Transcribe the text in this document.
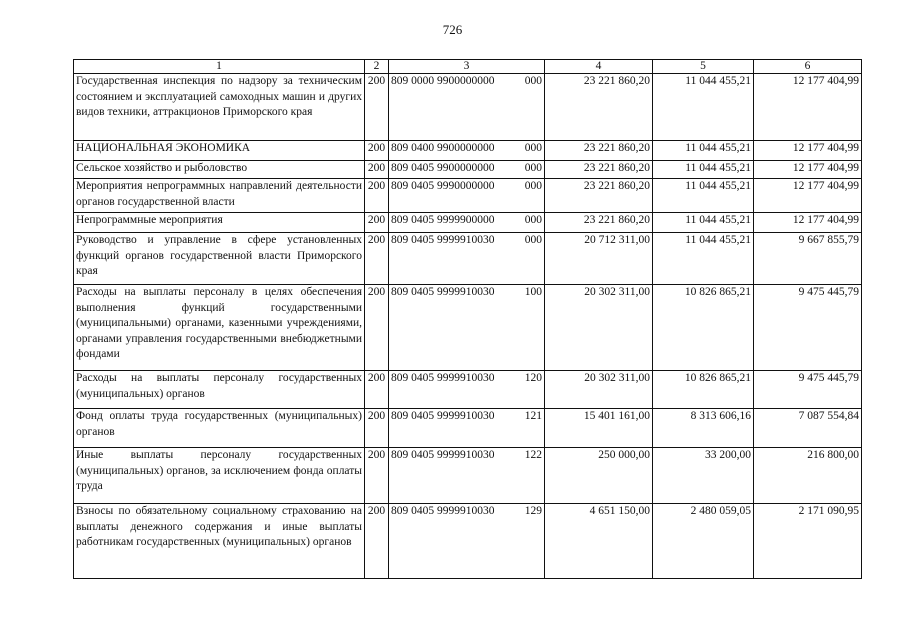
726
1	2	3	4	5	6
Государственная инспекция по надзору за техническим состоянием и эксплуатацией самоходных машин и других видов техники, аттракционов Приморского края	200	809 0000 9900000000 000	23 221 860,20	11 044 455,21	12 177 404,99
НАЦИОНАЛЬНАЯ ЭКОНОМИКА	200	809 0400 9900000000 000	23 221 860,20	11 044 455,21	12 177 404,99
Сельское хозяйство и рыболовство	200	809 0405 9900000000 000	23 221 860,20	11 044 455,21	12 177 404,99
Мероприятия непрограммных направлений деятельности органов государственной власти	200	809 0405 9990000000 000	23 221 860,20	11 044 455,21	12 177 404,99
Непрограммные мероприятия	200	809 0405 9999900000 000	23 221 860,20	11 044 455,21	12 177 404,99
Руководство и управление в сфере установленных функций органов государственной власти Приморского края	200	809 0405 9999910030 000	20 712 311,00	11 044 455,21	9 667 855,79
Расходы на выплаты персоналу в целях обеспечения выполнения функций государственными (муниципальными) органами, казенными учреждениями, органами управления государственными внебюджетными фондами	200	809 0405 9999910030 100	20 302 311,00	10 826 865,21	9 475 445,79
Расходы на выплаты персоналу государственных (муниципальных) органов	200	809 0405 9999910030 120	20 302 311,00	10 826 865,21	9 475 445,79
Фонд оплаты труда государственных (муниципальных) органов	200	809 0405 9999910030 121	15 401 161,00	8 313 606,16	7 087 554,84
Иные выплаты персоналу государственных (муниципальных) органов, за исключением фонда оплаты труда	200	809 0405 9999910030 122	250 000,00	33 200,00	216 800,00
Взносы по обязательному социальному страхованию на выплаты денежного содержания и иные выплаты работникам государственных (муниципальных) органов	200	809 0405 9999910030 129	4 651 150,00	2 480 059,05	2 171 090,95
